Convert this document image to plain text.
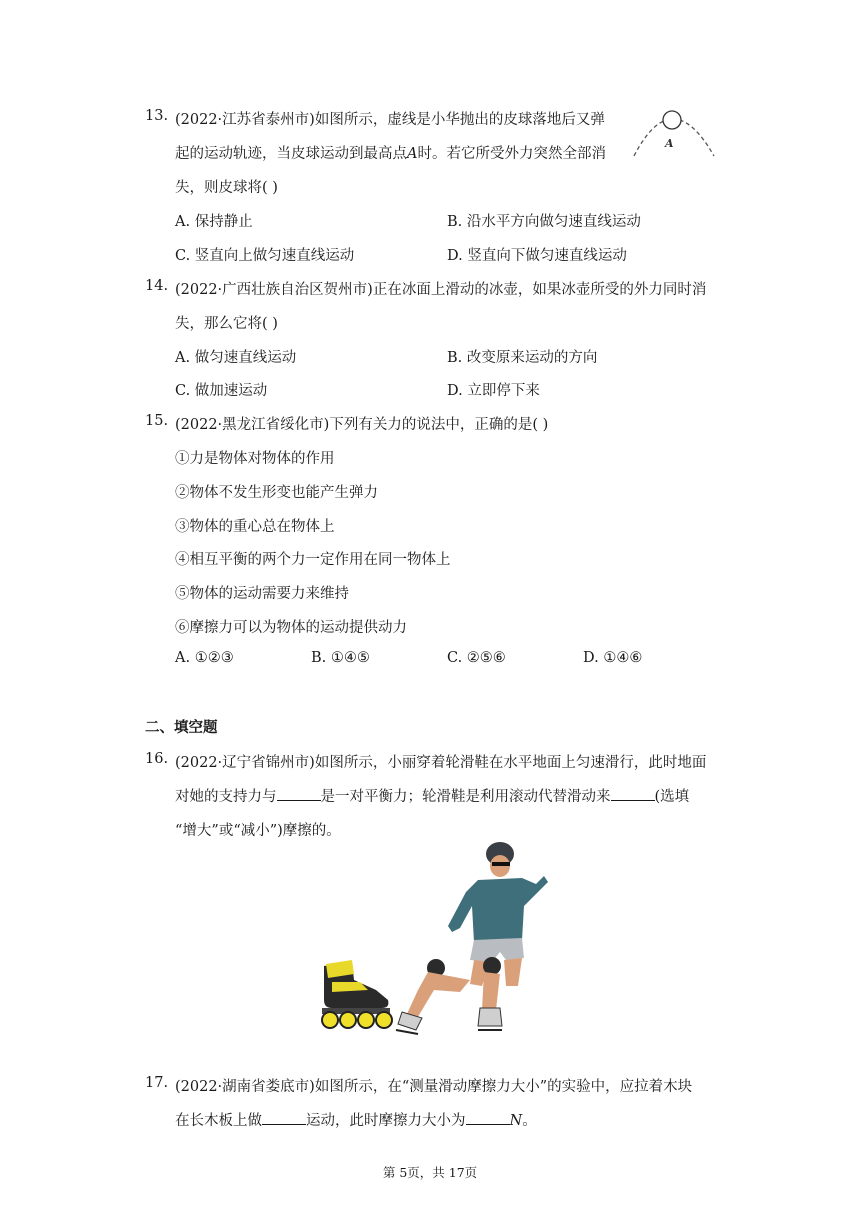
13. (2022·江苏省泰州市)如图所示，虚线是小华抛出的皮球落地后又弹
起的运动轨迹，当皮球运动到最高点A时。若它所受外力突然全部消
失，则皮球将( )
A
A. 保持静止	B. 沿水平方向做匀速直线运动
C. 竖直向上做匀速直线运动	D. 竖直向下做匀速直线运动
14. (2022·广西壮族自治区贺州市)正在冰面上滑动的冰壶，如果冰壶所受的外力同时消
失，那么它将( )
A. 做匀速直线运动	B. 改变原来运动的方向
C. 做加速运动	D. 立即停下来
15. (2022·黑龙江省绥化市)下列有关力的说法中，正确的是( )
①力是物体对物体的作用
②物体不发生形变也能产生弹力
③物体的重心总在物体上
④相互平衡的两个力一定作用在同一物体上
⑤物体的运动需要力来维持
⑥摩擦力可以为物体的运动提供动力
A. ①②③	B. ①④⑤	C. ②⑤⑥	D. ①④⑥
二、填空题
16. (2022·辽宁省锦州市)如图所示，小丽穿着轮滑鞋在水平地面上匀速滑行，此时地面
对她的支持力与	是一对平衡力；轮滑鞋是利用滚动代替滑动来	(选填
“增大”或“减小”)摩擦的。
17. (2022·湖南省娄底市)如图所示，在“测量滑动摩擦力大小”的实验中，应拉着木块
在长木板上做	运动，此时摩擦力大小为	N。
第 5页，共 17页
